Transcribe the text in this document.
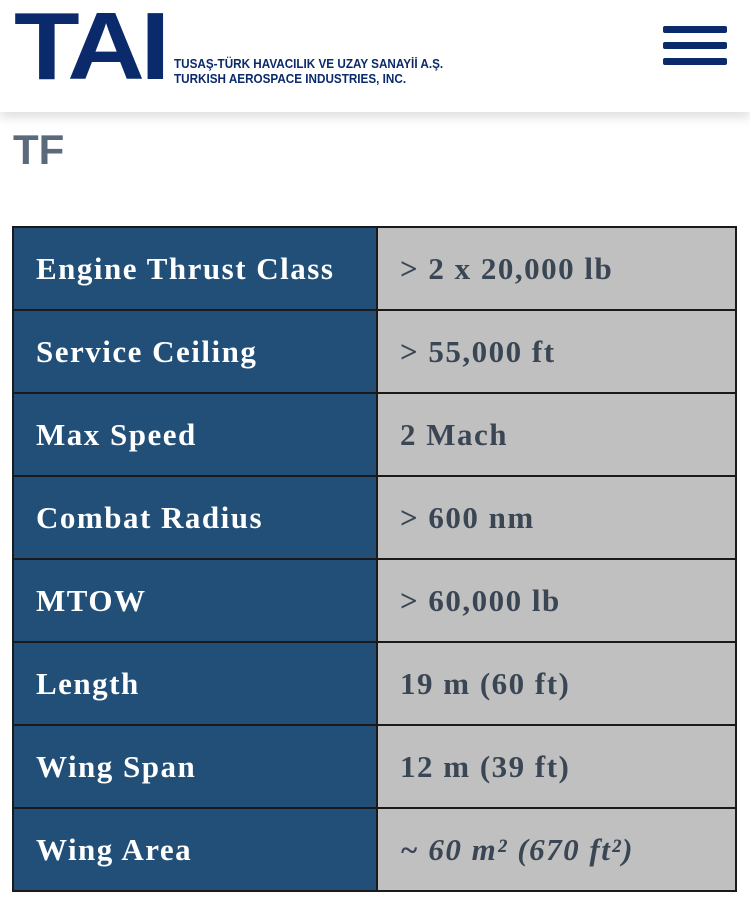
TAI TUSAŞ-TÜRK HAVACILIK VE UZAY SANAYİİ A.Ş.
TURKISH AEROSPACE INDUSTRIES, INC.
TF
Engine Thrust Class	> 2 x 20,000 lb
Service Ceiling	> 55,000 ft
Max Speed	2 Mach
Combat Radius	> 600 nm
MTOW	> 60,000 lb
Length	19 m (60 ft)
Wing Span	12 m (39 ft)
Wing Area	~ 60 m² (670 ft²)
